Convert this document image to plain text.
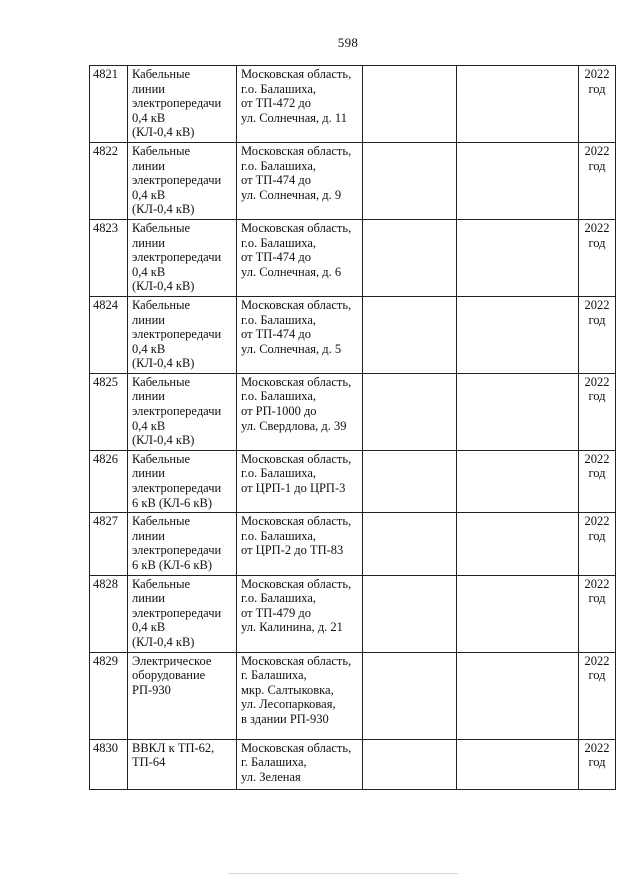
598
4821	Кабельные
линии
электропередачи
0,4 кВ
(КЛ-0,4 кВ)	Московская область,
г.о. Балашиха,
от ТП-472 до
ул. Солнечная, д. 11			2022
год

4822	Кабельные
линии
электропередачи
0,4 кВ
(КЛ-0,4 кВ)	Московская область,
г.о. Балашиха,
от ТП-474 до
ул. Солнечная, д. 9			2022
год

4823	Кабельные
линии
электропередачи
0,4 кВ
(КЛ-0,4 кВ)	Московская область,
г.о. Балашиха,
от ТП-474 до
ул. Солнечная, д. 6			2022
год

4824	Кабельные
линии
электропередачи
0,4 кВ
(КЛ-0,4 кВ)	Московская область,
г.о. Балашиха,
от ТП-474 до
ул. Солнечная, д. 5			2022
год

4825	Кабельные
линии
электропередачи
0,4 кВ
(КЛ-0,4 кВ)	Московская область,
г.о. Балашиха,
от РП-1000 до
ул. Свердлова, д. 39			2022
год

4826	Кабельные
линии
электропередачи
6 кВ (КЛ-6 кВ)	Московская область,
г.о. Балашиха,
от ЦРП-1 до ЦРП-3			2022
год

4827	Кабельные
линии
электропередачи
6 кВ (КЛ-6 кВ)	Московская область,
г.о. Балашиха,
от ЦРП-2 до ТП-83			2022
год

4828	Кабельные
линии
электропередачи
0,4 кВ
(КЛ-0,4 кВ)	Московская область,
г.о. Балашиха,
от ТП-479 до
ул. Калинина, д. 21			2022
год

4829	Электрическое
оборудование
РП-930	Московская область,
г. Балашиха,
мкр. Салтыковка,
ул. Лесопарковая,
в здании РП-930			2022
год

4830	ВВКЛ к ТП-62,
ТП-64	Московская область,
г. Балашиха,
ул. Зеленая			2022
год
